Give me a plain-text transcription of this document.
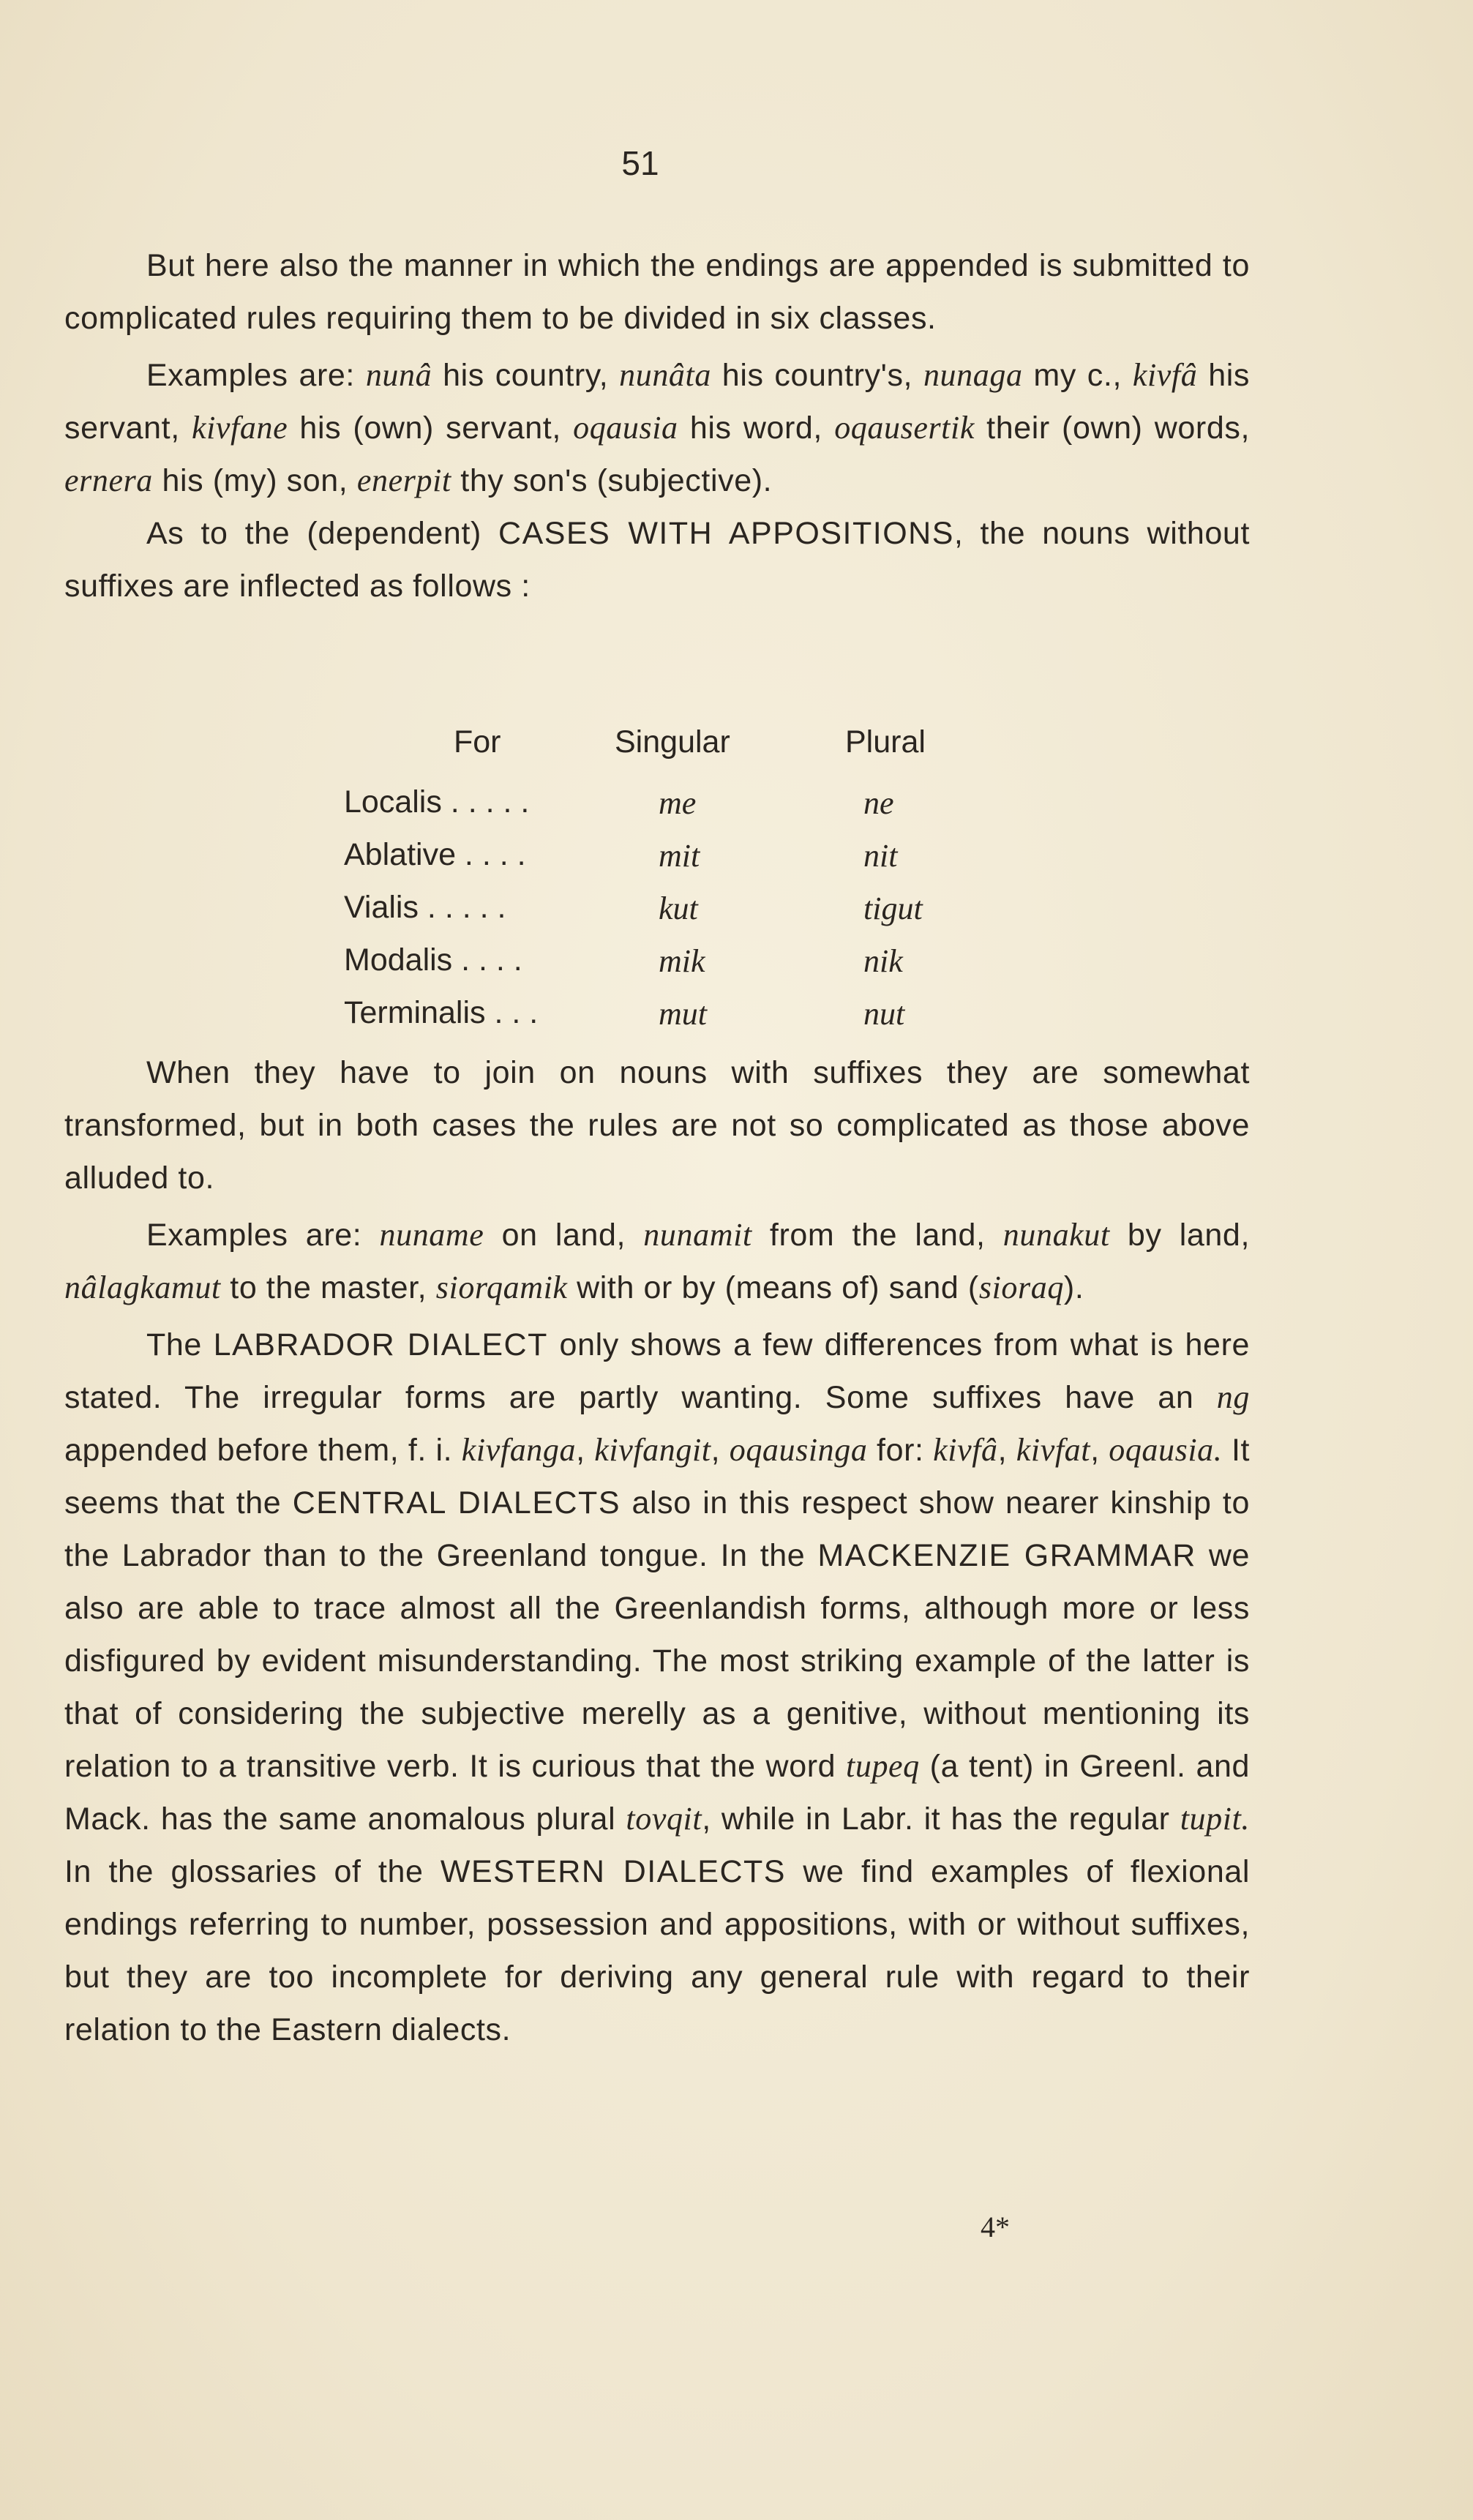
51

But here also the manner in which the endings are appended is submitted to complicated rules requiring them to be divided in six classes.

Examples are: nunâ his country, nunâta his country's, nunaga my c., kivfâ his servant, kivfane his (own) servant, oqausia his word, oqausertik their (own) words, ernera his (my) son, enerpit thy son's (subjective).

As to the (dependent) CASES WITH APPOSITIONS, the nouns without suffixes are inflected as follows :

For	Singular	Plural
Localis . . . . .	me	ne
Ablative . . . .	mit	nit
Vialis . . . . .	kut	tigut
Modalis . . . .	mik	nik
Terminalis . . .	mut	nut

When they have to join on nouns with suffixes they are somewhat transformed, but in both cases the rules are not so complicated as those above alluded to.

Examples are: nuname on land, nunamit from the land, nunakut by land, nâlagkamut to the master, siorqamik with or by (means of) sand (sioraq).

The LABRADOR DIALECT only shows a few differences from what is here stated. The irregular forms are partly wanting. Some suffixes have an ng appended before them, f. i. kivfanga, kivfangit, oqausinga for: kivfâ, kivfat, oqausia. It seems that the CENTRAL DIALECTS also in this respect show nearer kinship to the Labrador than to the Greenland tongue. In the MACKENZIE GRAMMAR we also are able to trace almost all the Greenlandish forms, although more or less disfigured by evident misunderstanding. The most striking example of the latter is that of considering the subjective merelly as a genitive, without mentioning its relation to a transitive verb. It is curious that the word tupeq (a tent) in Greenl. and Mack. has the same anomalous plural tovqit, while in Labr. it has the regular tupit. In the glossaries of the WESTERN DIALECTS we find examples of flexional endings referring to number, possession and appositions, with or without suffixes, but they are too incomplete for deriving any general rule with regard to their relation to the Eastern dialects.

4*
